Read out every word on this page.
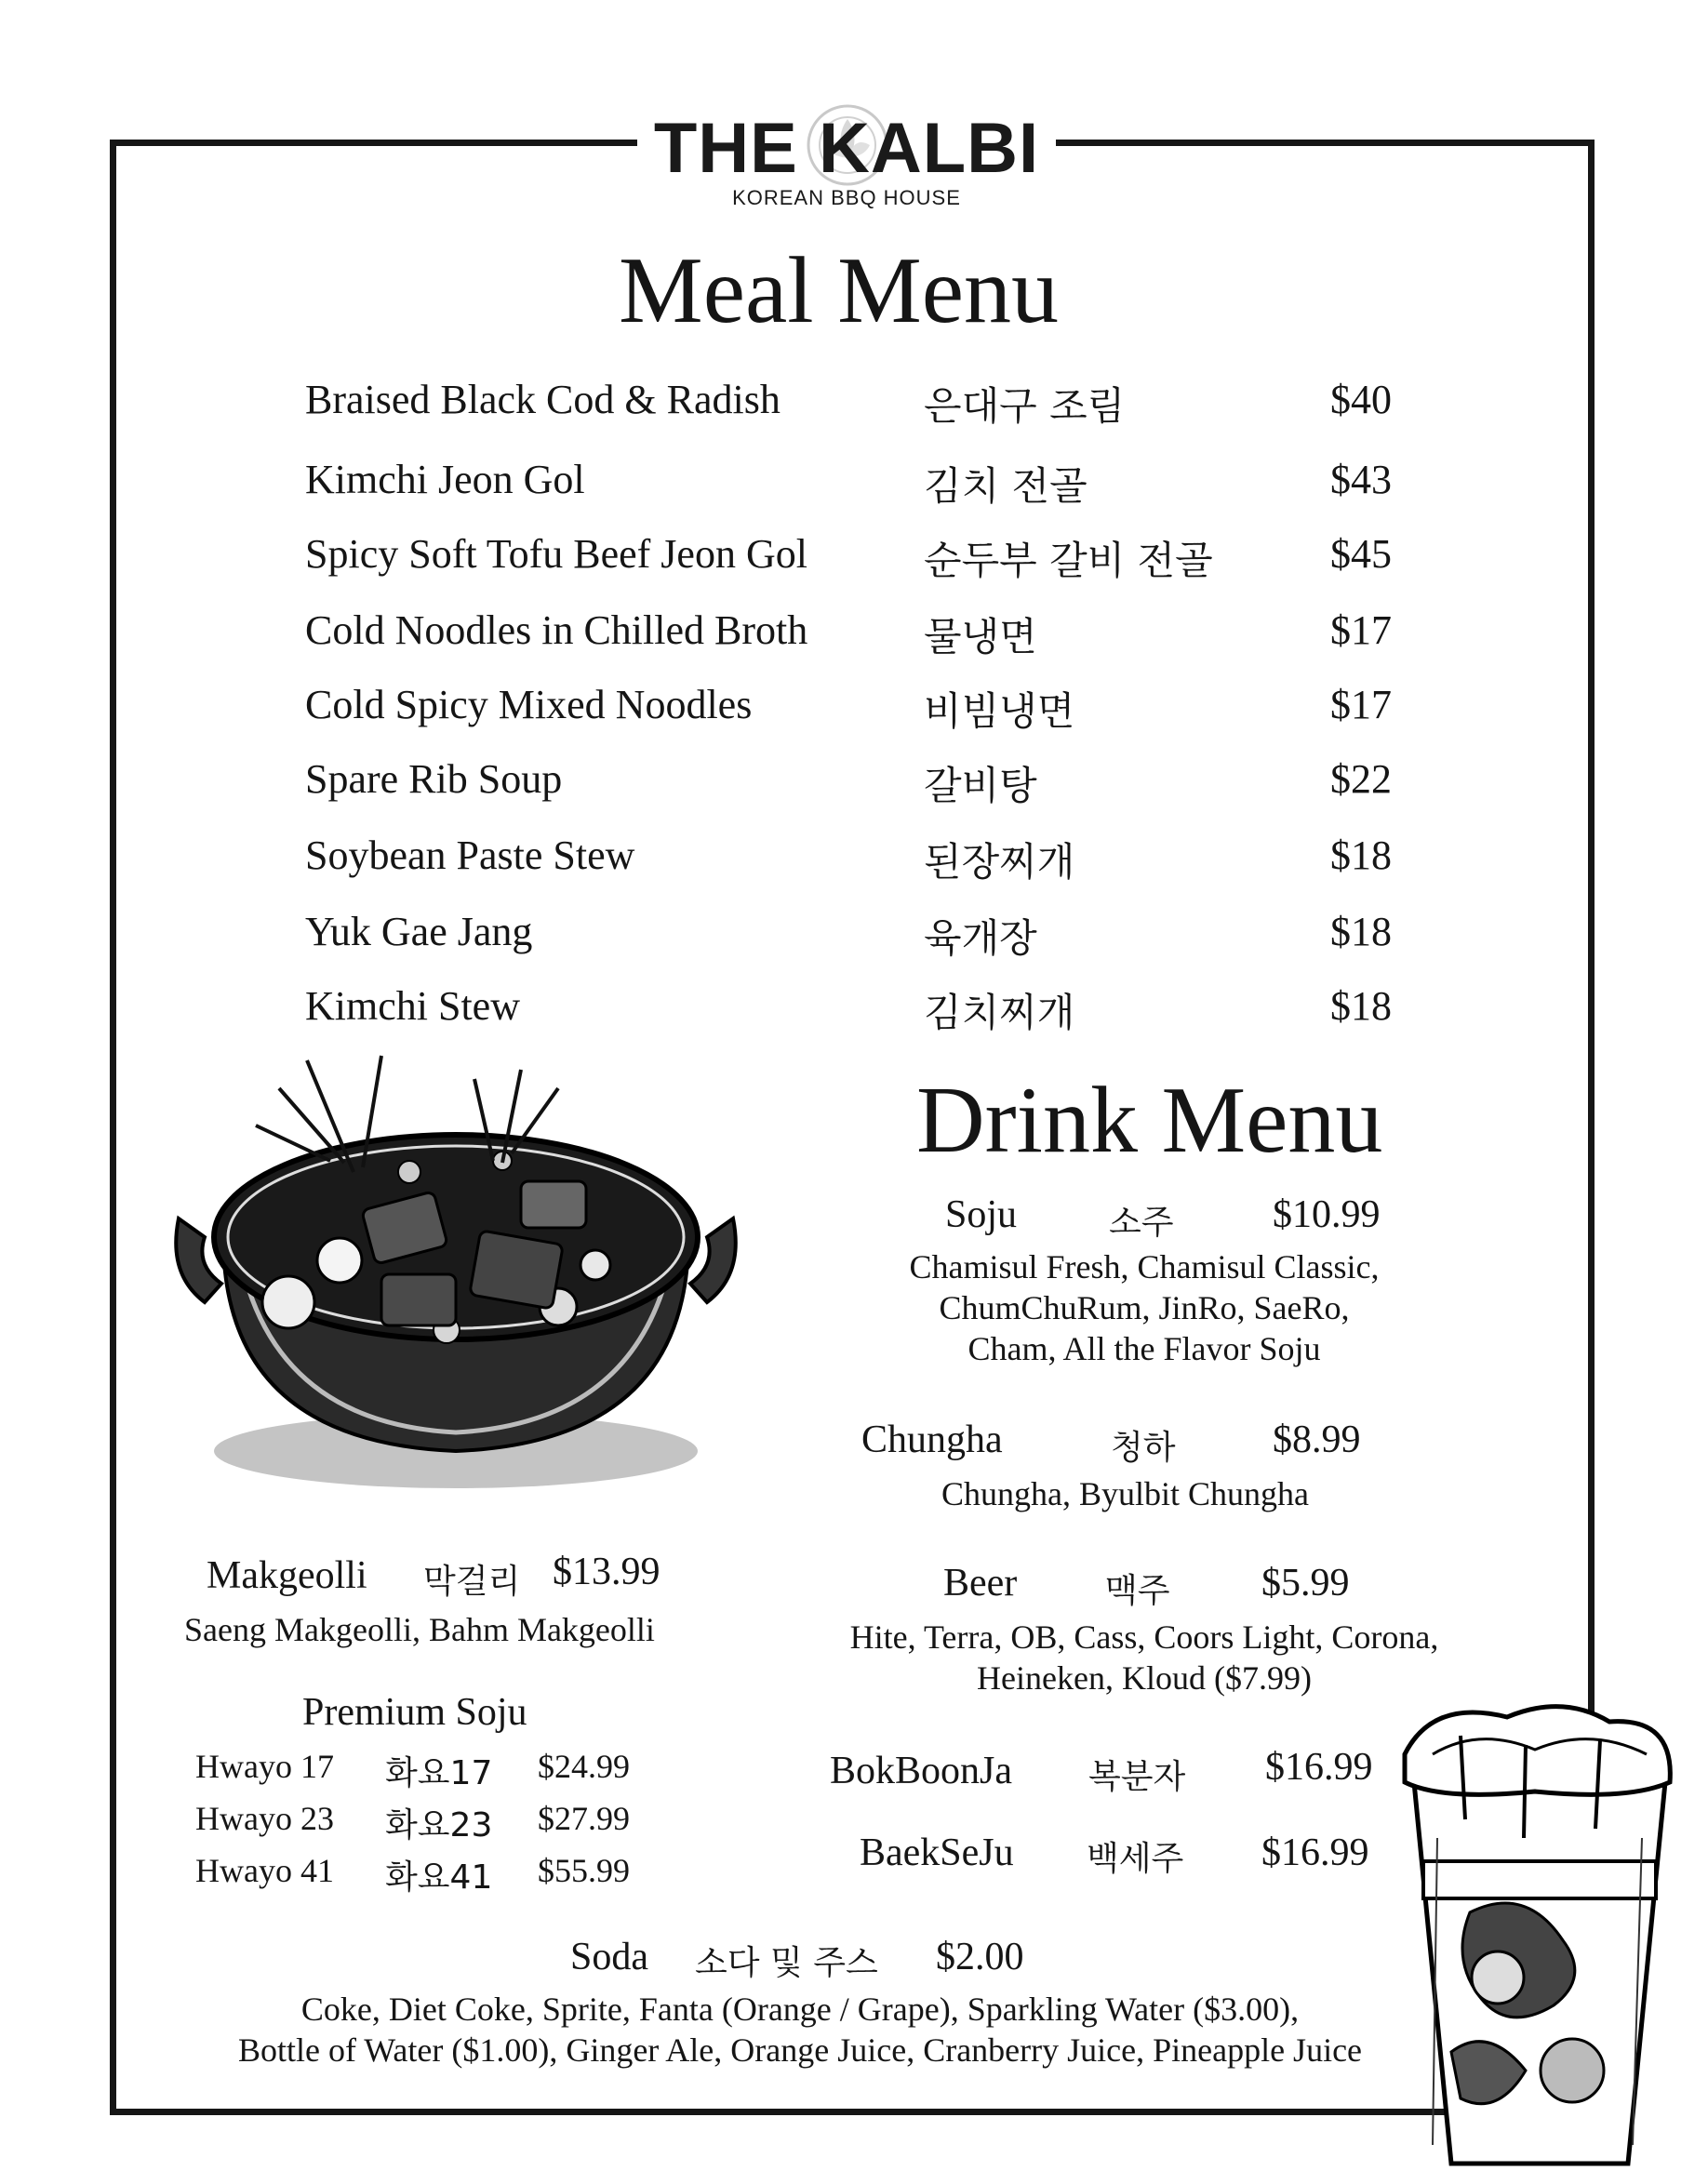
THE KALBI
KOREAN BBQ HOUSE
Meal Menu
Braised Black Cod & Radish	은대구 조림	$40
Kimchi Jeon Gol	김치 전골	$43
Spicy Soft Tofu Beef Jeon Gol	순두부 갈비 전골	$45
Cold Noodles in Chilled Broth	물냉면	$17
Cold Spicy Mixed Noodles	비빔냉면	$17
Spare Rib Soup	갈비탕	$22
Soybean Paste Stew	된장찌개	$18
Yuk Gae Jang	육개장	$18
Kimchi Stew	김치찌개	$18
Makgeolli 막걸리 $13.99
Saeng Makgeolli, Bahm Makgeolli
Premium Soju
Hwayo 17 화요17 $24.99
Hwayo 23 화요23 $27.99
Hwayo 41 화요41 $55.99
Drink Menu
Soju	소주	$10.99
Chamisul Fresh, Chamisul Classic,
ChumChuRum, JinRo, SaeRo,
Cham, All the Flavor Soju
Chungha	청하 $8.99
Chungha, Byulbit Chungha
Beer	맥주 $5.99
Hite, Terra, OB, Cass, Coors Light, Corona,
Heineken, Kloud ($7.99)
BokBoonJa 복분자 $16.99
BaekSeJu 백세주 $16.99
Soda 소다 및 주스 $2.00
Coke, Diet Coke, Sprite, Fanta (Orange / Grape), Sparkling Water ($3.00),
Bottle of Water ($1.00), Ginger Ale, Orange Juice, Cranberry Juice, Pineapple Juice
